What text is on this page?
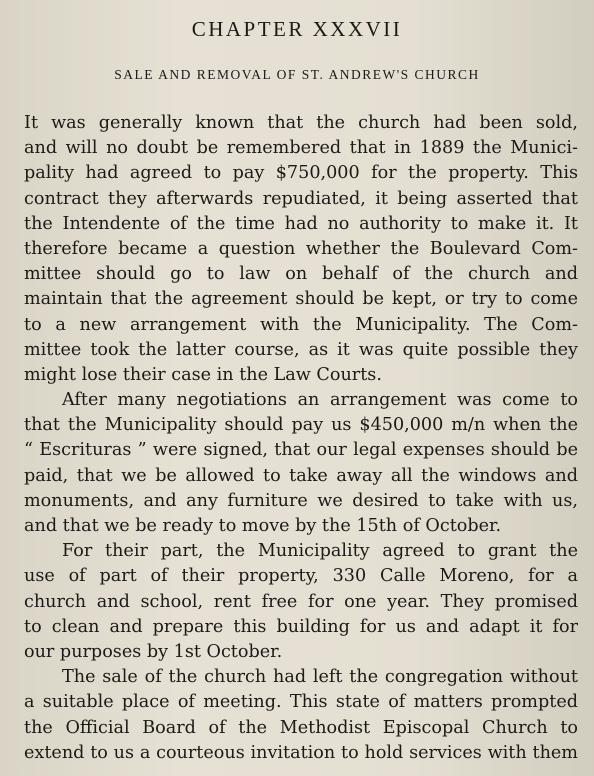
CHAPTER XXXVII
SALE AND REMOVAL OF ST. ANDREW'S CHURCH
It was generally known that the church had been sold,
and will no doubt be remembered that in 1889 the Munici-
pality had agreed to pay $750,000 for the property. This
contract they afterwards repudiated, it being asserted that
the Intendente of the time had no authority to make it. It
therefore became a question whether the Boulevard Com-
mittee should go to law on behalf of the church and
maintain that the agreement should be kept, or try to come
to a new arrangement with the Municipality. The Com-
mittee took the latter course, as it was quite possible they
might lose their case in the Law Courts.
After many negotiations an arrangement was come to
that the Municipality should pay us $450,000 m/n when the
“ Escrituras ” were signed, that our legal expenses should be
paid, that we be allowed to take away all the windows and
monuments, and any furniture we desired to take with us,
and that we be ready to move by the 15th of October.
For their part, the Municipality agreed to grant the
use of part of their property, 330 Calle Moreno, for a
church and school, rent free for one year. They promised
to clean and prepare this building for us and adapt it for
our purposes by 1st October.
The sale of the church had left the congregation without
a suitable place of meeting. This state of matters prompted
the Official Board of the Methodist Episcopal Church to
extend to us a courteous invitation to hold services with them
